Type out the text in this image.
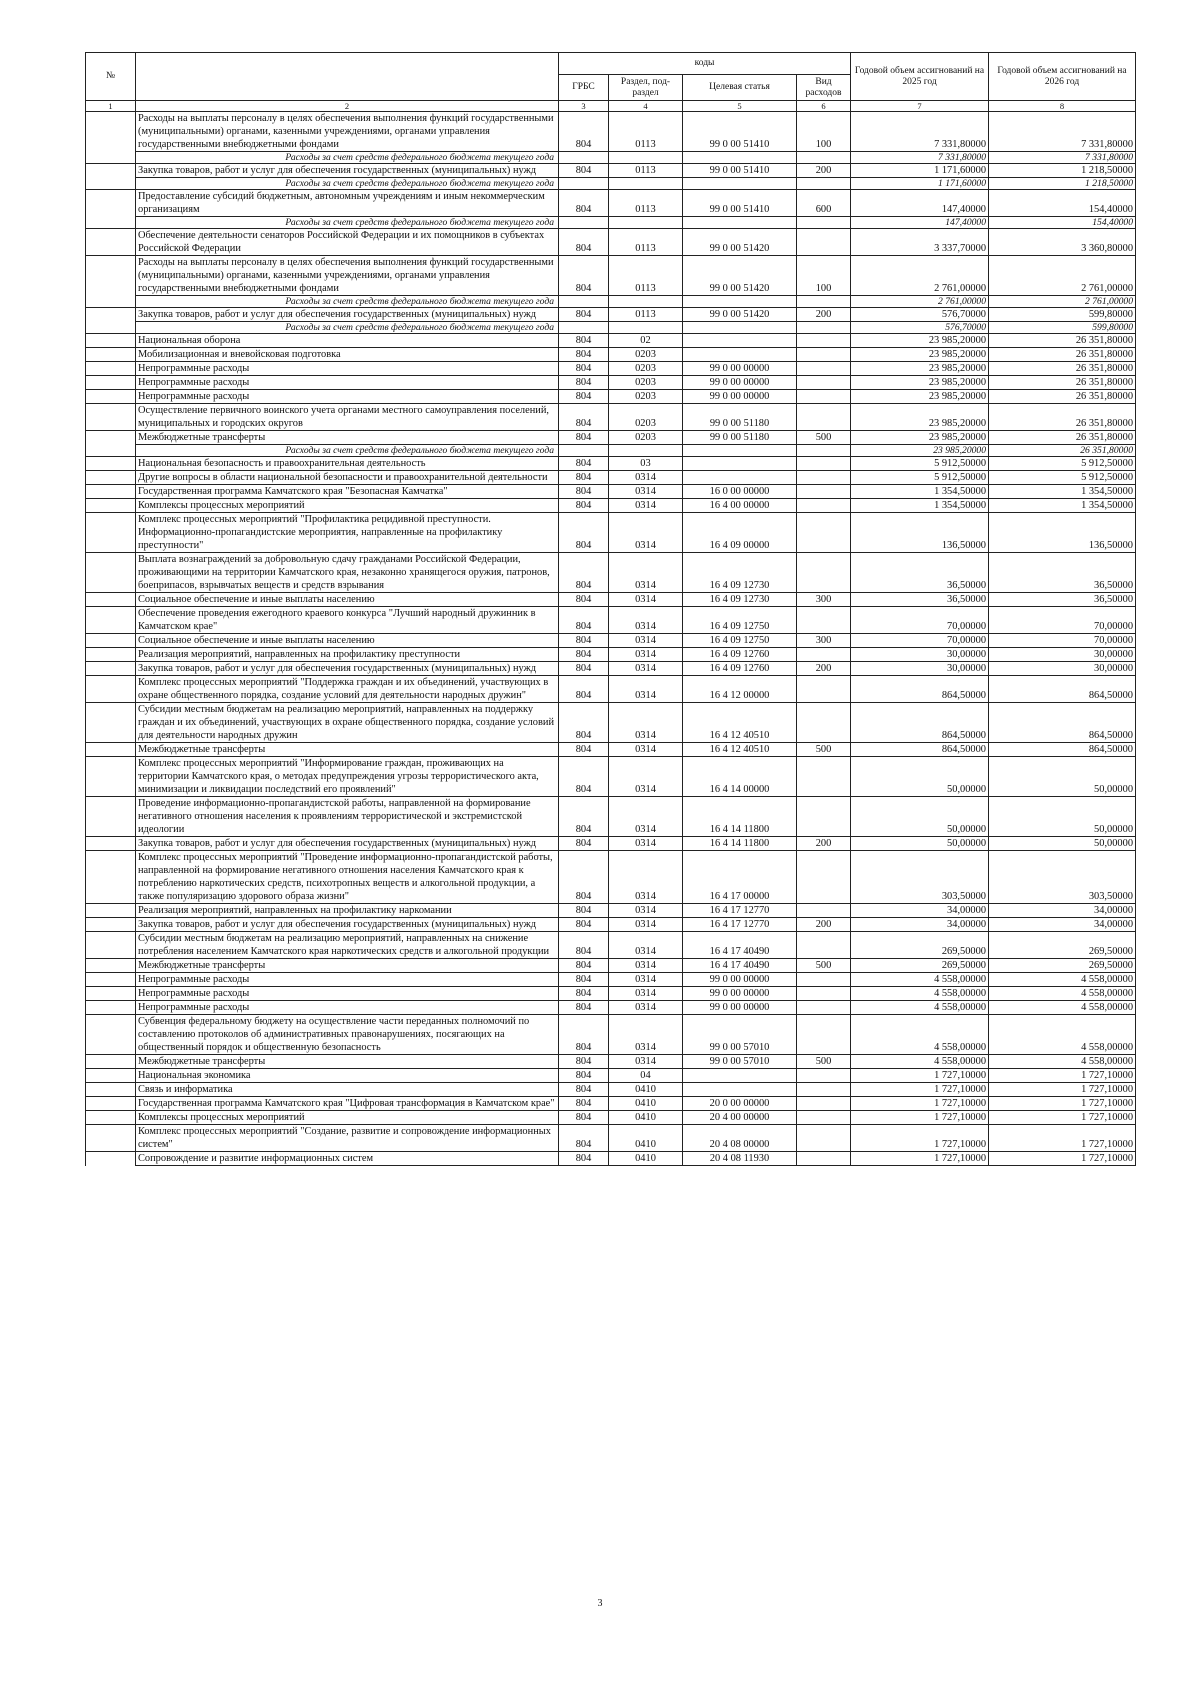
№		коды				Годовой объем ассигнований на 2025 год	Годовой объем ассигнований на 2026 год
		ГРБС	Раздел, под-раздел	Целевая статья	Вид расходов		
1	2	3	4	5	6	7	8
	Расходы на выплаты персоналу в целях обеспечения выполнения функций государственными (муниципальными) органами, казенными учреждениями, органами управления государственными внебюджетными фондами	804	0113	99 0 00 51410	100	7 331,80000	7 331,80000
	Расходы за счет средств федерального бюджета текущего года					7 331,80000	7 331,80000
	Закупка товаров, работ и услуг для обеспечения государственных (муниципальных) нужд	804	0113	99 0 00 51410	200	1 171,60000	1 218,50000
	Расходы за счет средств федерального бюджета текущего года					1 171,60000	1 218,50000
	Предоставление субсидий бюджетным, автономным учреждениям и иным некоммерческим организациям	804	0113	99 0 00 51410	600	147,40000	154,40000
	Расходы за счет средств федерального бюджета текущего года					147,40000	154,40000
	Обеспечение деятельности сенаторов Российской Федерации и их помощников в субъектах Российской Федерации	804	0113	99 0 00 51420		3 337,70000	3 360,80000
	Расходы на выплаты персоналу в целях обеспечения выполнения функций государственными (муниципальными) органами, казенными учреждениями, органами управления государственными внебюджетными фондами	804	0113	99 0 00 51420	100	2 761,00000	2 761,00000
	Расходы за счет средств федерального бюджета текущего года					2 761,00000	2 761,00000
	Закупка товаров, работ и услуг для обеспечения государственных (муниципальных) нужд	804	0113	99 0 00 51420	200	576,70000	599,80000
	Расходы за счет средств федерального бюджета текущего года					576,70000	599,80000
	Национальная оборона	804	02			23 985,20000	26 351,80000
	Мобилизационная и вневойсковая подготовка	804	0203			23 985,20000	26 351,80000
	Непрограммные расходы	804	0203	99 0 00 00000		23 985,20000	26 351,80000
	Непрограммные расходы	804	0203	99 0 00 00000		23 985,20000	26 351,80000
	Непрограммные расходы	804	0203	99 0 00 00000		23 985,20000	26 351,80000
	Осуществление первичного воинского учета органами местного самоуправления поселений, муниципальных и городских округов	804	0203	99 0 00 51180		23 985,20000	26 351,80000
	Межбюджетные трансферты	804	0203	99 0 00 51180	500	23 985,20000	26 351,80000
	Расходы за счет средств федерального бюджета текущего года					23 985,20000	26 351,80000
	Национальная безопасность и правоохранительная деятельность	804	03			5 912,50000	5 912,50000
	Другие вопросы в области национальной безопасности и правоохранительной деятельности	804	0314			5 912,50000	5 912,50000
	Государственная программа Камчатского края "Безопасная Камчатка"	804	0314	16 0 00 00000		1 354,50000	1 354,50000
	Комплексы процессных мероприятий	804	0314	16 4 00 00000		1 354,50000	1 354,50000
	Комплекс процессных мероприятий "Профилактика рецидивной преступности. Информационно-пропагандистские мероприятия, направленные на профилактику преступности"	804	0314	16 4 09 00000		136,50000	136,50000
	Выплата вознаграждений за добровольную сдачу гражданами Российской Федерации, проживающими на территории Камчатского края, незаконно хранящегося оружия, патронов, боеприпасов, взрывчатых веществ и средств взрывания	804	0314	16 4 09 12730		36,50000	36,50000
	Социальное обеспечение и иные выплаты населению	804	0314	16 4 09 12730	300	36,50000	36,50000
	Обеспечение проведения ежегодного краевого конкурса "Лучший народный дружинник в Камчатском крае"	804	0314	16 4 09 12750		70,00000	70,00000
	Социальное обеспечение и иные выплаты населению	804	0314	16 4 09 12750	300	70,00000	70,00000
	Реализация мероприятий, направленных на профилактику преступности	804	0314	16 4 09 12760		30,00000	30,00000
	Закупка товаров, работ и услуг для обеспечения государственных (муниципальных) нужд	804	0314	16 4 09 12760	200	30,00000	30,00000
	Комплекс процессных мероприятий "Поддержка граждан и их объединений, участвующих в охране общественного порядка, создание условий для деятельности народных дружин"	804	0314	16 4 12 00000		864,50000	864,50000
	Субсидии местным бюджетам на реализацию мероприятий, направленных на поддержку граждан и их объединений, участвующих в охране общественного порядка, создание условий для деятельности народных дружин	804	0314	16 4 12 40510		864,50000	864,50000
	Межбюджетные трансферты	804	0314	16 4 12 40510	500	864,50000	864,50000
	Комплекс процессных мероприятий "Информирование граждан, проживающих на территории Камчатского края, о методах предупреждения угрозы террористического акта, минимизации и ликвидации последствий его проявлений"	804	0314	16 4 14 00000		50,00000	50,00000
	Проведение информационно-пропагандистской работы, направленной на формирование негативного отношения населения к проявлениям террористической и экстремистской идеологии	804	0314	16 4 14 11800		50,00000	50,00000
	Закупка товаров, работ и услуг для обеспечения государственных (муниципальных) нужд	804	0314	16 4 14 11800	200	50,00000	50,00000
	Комплекс процессных мероприятий "Проведение информационно-пропагандистской работы, направленной на формирование негативного отношения населения Камчатского края к потреблению наркотических средств, психотропных веществ и алкогольной продукции, а также популяризацию здорового образа жизни"	804	0314	16 4 17 00000		303,50000	303,50000
	Реализация мероприятий, направленных на профилактику наркомании	804	0314	16 4 17 12770		34,00000	34,00000
	Закупка товаров, работ и услуг для обеспечения государственных (муниципальных) нужд	804	0314	16 4 17 12770	200	34,00000	34,00000
	Субсидии местным бюджетам на реализацию мероприятий, направленных на снижение потребления населением Камчатского края наркотических средств и алкогольной продукции	804	0314	16 4 17 40490		269,50000	269,50000
	Межбюджетные трансферты	804	0314	16 4 17 40490	500	269,50000	269,50000
	Непрограммные расходы	804	0314	99 0 00 00000		4 558,00000	4 558,00000
	Непрограммные расходы	804	0314	99 0 00 00000		4 558,00000	4 558,00000
	Непрограммные расходы	804	0314	99 0 00 00000		4 558,00000	4 558,00000
	Субвенция федеральному бюджету на осуществление части переданных полномочий по составлению протоколов об административных правонарушениях, посягающих на общественный порядок и общественную безопасность	804	0314	99 0 00 57010		4 558,00000	4 558,00000
	Межбюджетные трансферты	804	0314	99 0 00 57010	500	4 558,00000	4 558,00000
	Национальная экономика	804	04			1 727,10000	1 727,10000
	Связь и информатика	804	0410			1 727,10000	1 727,10000
	Государственная программа Камчатского края "Цифровая трансформация в Камчатском крае"	804	0410	20 0 00 00000		1 727,10000	1 727,10000
	Комплексы процессных мероприятий	804	0410	20 4 00 00000		1 727,10000	1 727,10000
	Комплекс процессных мероприятий "Создание, развитие и сопровождение информационных систем"	804	0410	20 4 08 00000		1 727,10000	1 727,10000
	Сопровождение и развитие информационных систем	804	0410	20 4 08 11930		1 727,10000	1 727,10000
3
